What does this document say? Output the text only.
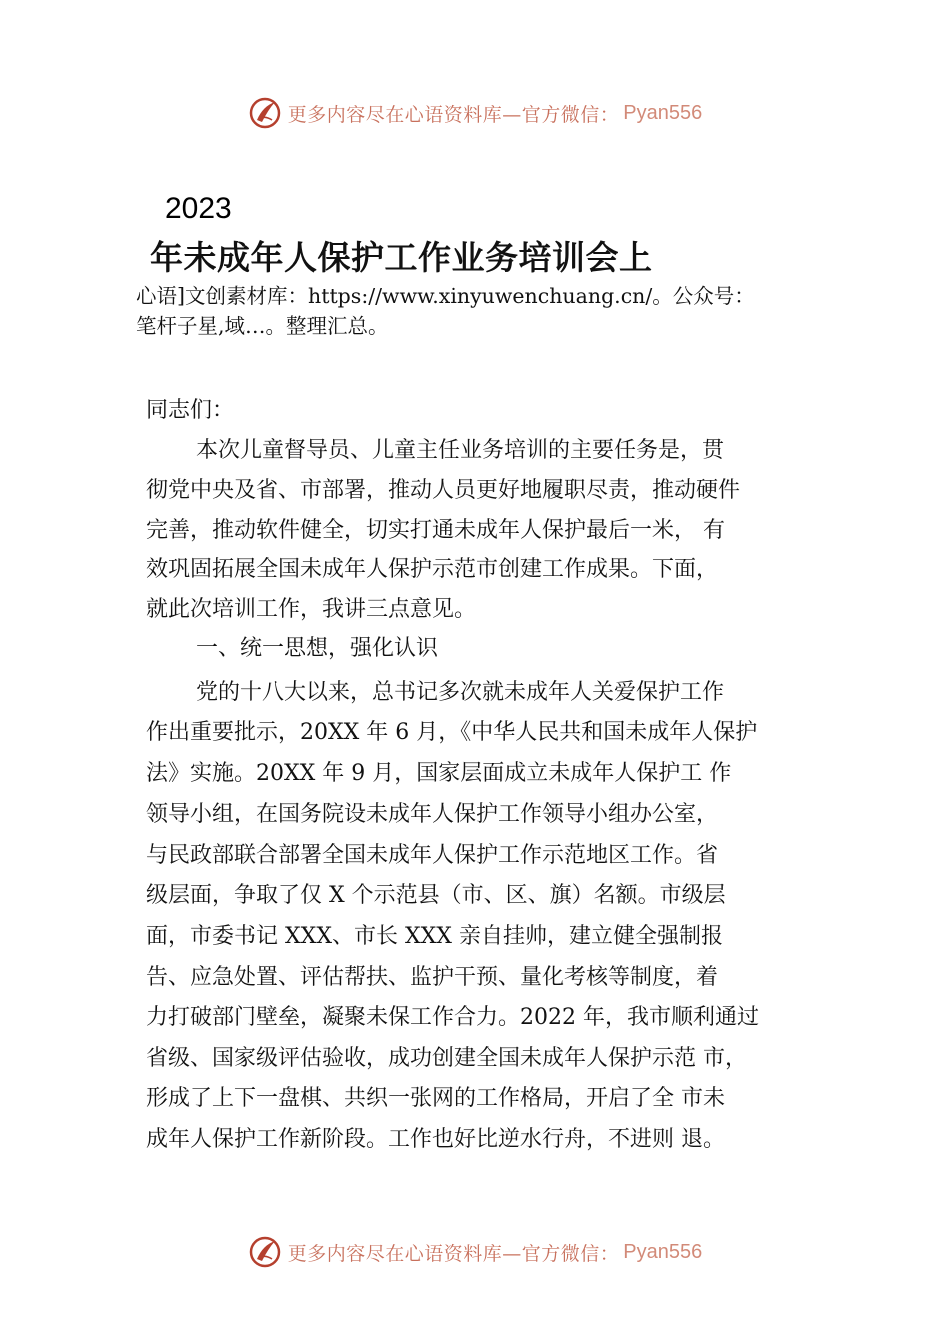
更多内容尽在心语资料库—官方微信： Pyan556
2023
年未成年人保护工作业务培训会上
心语]文创素材库：https://www.xinyuwenchuang.cn/。公众号：
笔杆子星,域…。整理汇总。
同志们：
本次儿童督导员、儿童主任业务培训的主要任务是，贯
彻党中央及省、市部署，推动人员更好地履职尽责，推动硬件
完善，推动软件健全，切实打通未成年人保护最后一米， 有
效巩固拓展全国未成年人保护示范市创建工作成果。下面，
就此次培训工作，我讲三点意见。
一、统一思想，强化认识
党的十八大以来，总书记多次就未成年人关爱保护工作
作出重要批示，20XX 年 6 月，《中华人民共和国未成年人保护
法》实施。20XX 年 9 月，国家层面成立未成年人保护工 作
领导小组，在国务院设未成年人保护工作领导小组办公室，
与民政部联合部署全国未成年人保护工作示范地区工作。省
级层面，争取了仅 X 个示范县（市、区、旗）名额。市级层
面，市委书记 XXX、市长 XXX 亲自挂帅，建立健全强制报
告、应急处置、评估帮扶、监护干预、量化考核等制度，着
力打破部门壁垒，凝聚未保工作合力。2022 年，我市顺利通过
省级、国家级评估验收，成功创建全国未成年人保护示范 市，
形成了上下一盘棋、共织一张网的工作格局，开启了全 市未
成年人保护工作新阶段。工作也好比逆水行舟，不进则 退。
更多内容尽在心语资料库—官方微信： Pyan556
